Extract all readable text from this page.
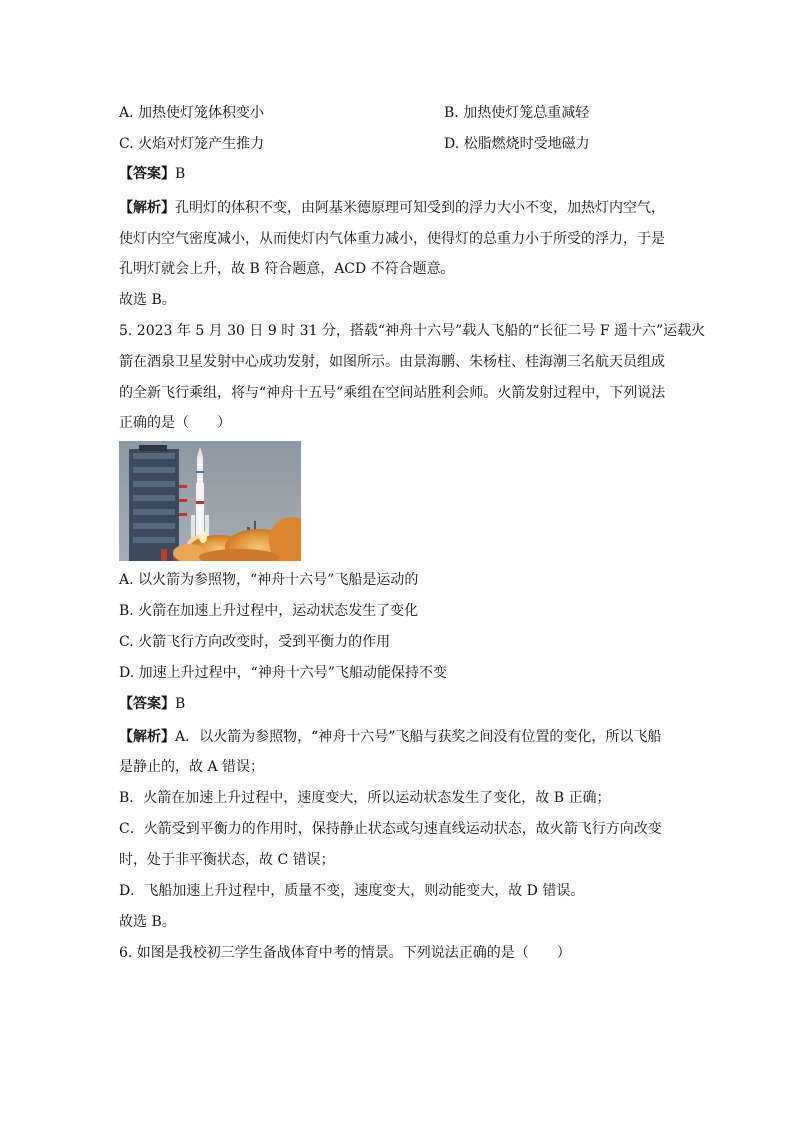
A. 加热使灯笼体积变小	B. 加热使灯笼总重减轻
C. 火焰对灯笼产生推力	D. 松脂燃烧时受地磁力
【答案】B
【解析】孔明灯的体积不变，由阿基米德原理可知受到的浮力大小不变，加热灯内空气，
使灯内空气密度减小，从而使灯内气体重力减小，使得灯的总重力小于所受的浮力，于是
孔明灯就会上升，故 B 符合题意，ACD 不符合题意。
故选 B。
5. 2023 年 5 月 30 日 9 时 31 分，搭载“神舟十六号”载人飞船的“长征二号 F 遥十六”运载火
箭在酒泉卫星发射中心成功发射，如图所示。由景海鹏、朱杨柱、桂海潮三名航天员组成
的全新飞行乘组，将与“神舟十五号”乘组在空间站胜利会师。火箭发射过程中，下列说法
正确的是（　　）
A. 以火箭为参照物，“神舟十六号”飞船是运动的
B. 火箭在加速上升过程中，运动状态发生了变化
C. 火箭飞行方向改变时，受到平衡力的作用
D. 加速上升过程中，“神舟十六号”飞船动能保持不变
【答案】B
【解析】A．以火箭为参照物，“神舟十六号”飞船与获奖之间没有位置的变化，所以飞船
是静止的，故 A 错误；
B．火箭在加速上升过程中，速度变大，所以运动状态发生了变化，故 B 正确；
C．火箭受到平衡力的作用时，保持静止状态或匀速直线运动状态，故火箭飞行方向改变
时，处于非平衡状态，故 C 错误；
D．飞船加速上升过程中，质量不变，速度变大，则动能变大，故 D 错误。
故选 B。
6. 如图是我校初三学生备战体育中考的情景。下列说法正确的是（　　）
